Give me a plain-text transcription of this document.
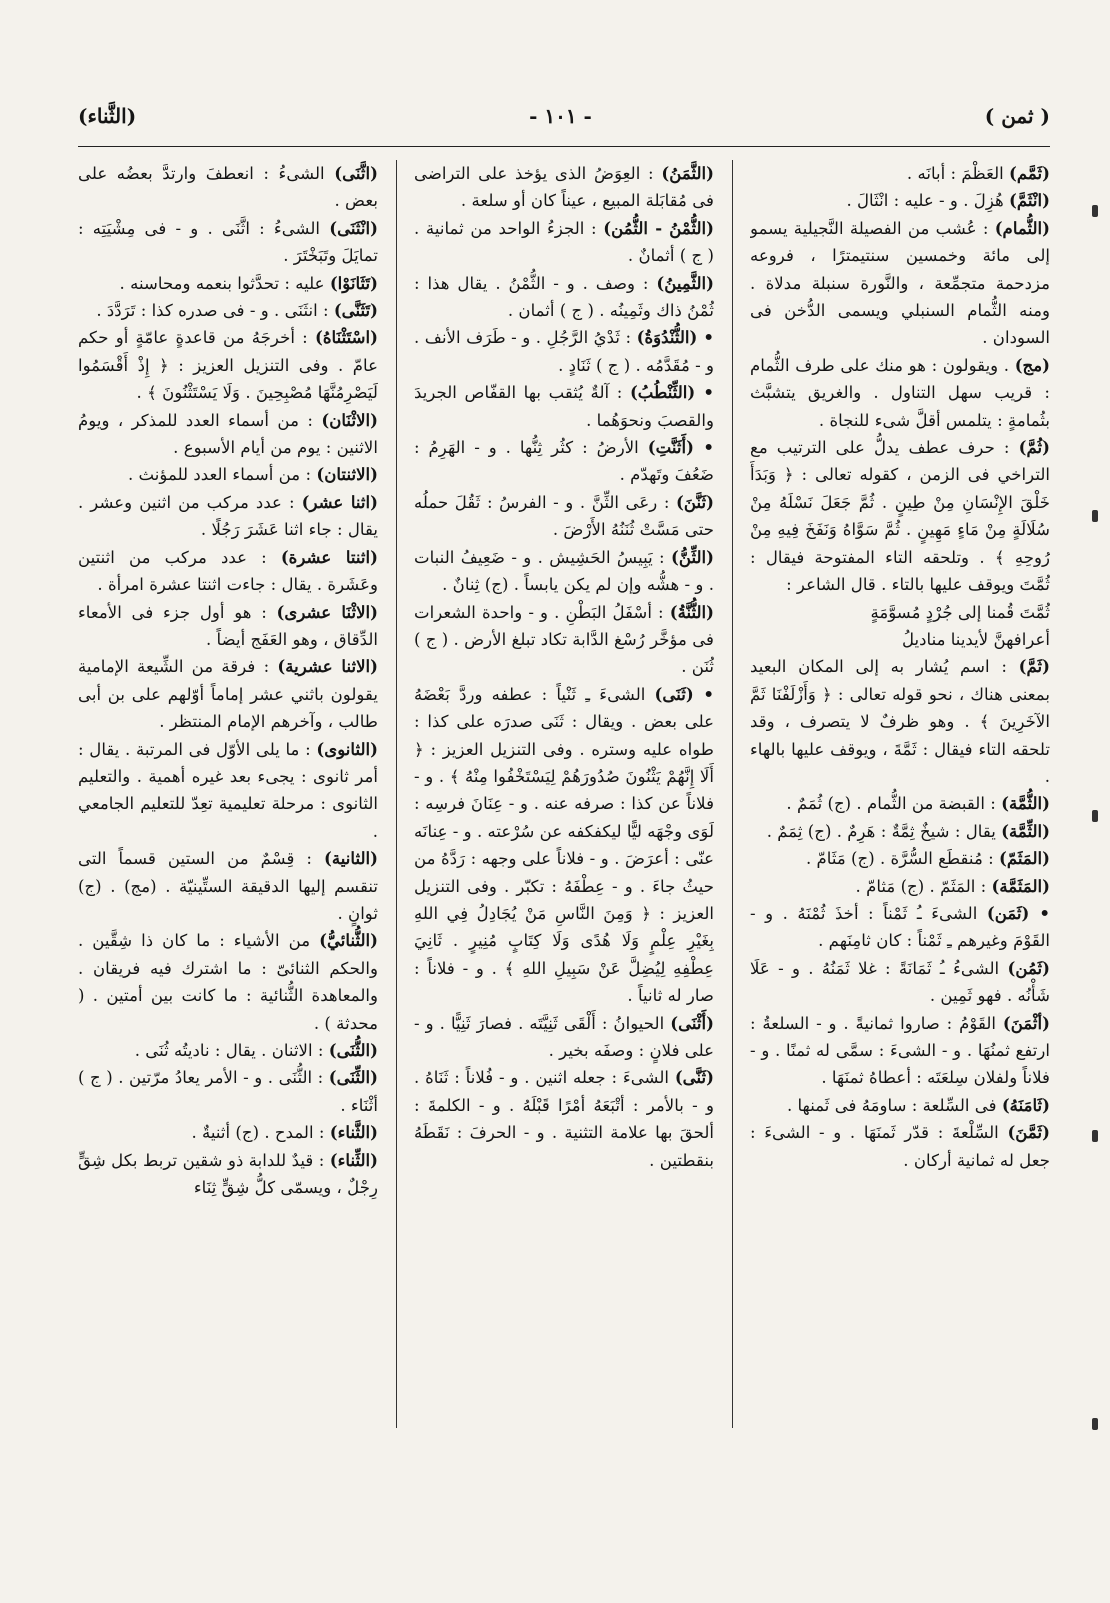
( ثمن )
- ١٠١ -
(الثَّناء)

(ثَمَّم) العَظْمَ : أبانَه .

(انْثَمَّ) هُزِلَ . و - عليه : انْثَالَ .

(الثُّمام) : عُشب من الفصيلة النَّجيلية يسمو إلى مائة وخمسين سنتيمترًا ، فروعه مزدحمة متجمِّعة ، والنَّورة سنبلة مدلاة . ومنه الثُّمام السنبلي ويسمى الدُّخن فى السودان .

(مج) . ويقولون : هو منك على طرف الثُّمام : قريب سهل التناول . والغريق يتشبَّث بثُمامةٍ : يتلمس أقلَّ شىء للنجاة .

(ثُمَّ) : حرف عطف يدلُّ على الترتيب مع التراخي فى الزمن ، كقوله تعالى : ﴿ وَبَدَأَ خَلْقَ الإِنْسَانِ مِنْ طِينٍ . ثُمَّ جَعَلَ نَسْلَهُ مِنْ سُلَالَةٍ مِنْ مَاءٍ مَهِينٍ . ثُمَّ سَوَّاهُ وَنَفَخَ فِيهِ مِنْ رُوحِهِ ﴾ . وتلحقه التاء المفتوحة فيقال : ثُمَّتَ ويوقف عليها بالتاء . قال الشاعر :

ثُمَّتَ قُمنا إلى جُرْدٍ مُسوَّمَةٍ

أعرافهنَّ لأيدينا مناديلُ

(ثَمَّ) : اسم يُشار به إلى المكان البعيد بمعنى هناك ، نحو قوله تعالى : ﴿ وَأَزْلَفْنَا ثَمَّ الآخَرِينَ ﴾ . وهو ظرفٌ لا يتصرف ، وقد تلحقه التاء فيقال : ثَمَّةَ ، ويوقف عليها بالهاء .

(الثُّمَّة) : القبضة من الثُّمام . (ج) ثُمَمٌ .

(الثِّمَّة) يقال : شيخٌ ثِمَّةٌ : هَرِمٌ . (ج) ثِمَمٌ .

(المَثَمّ) : مُنقطَع السُّرَّة . (ج) مَثَامّ .

(المَثَمَّة) : المَثَمّ . (ج) مَثامّ .

• (ثَمَن) الشىءَ ـُ ثَمْناً : أخذَ ثُمْنَهُ . و - القَوْمَ وغيرهم ـِ ثَمْناً : كان ثامِنَهم .

(ثَمُن) الشىءُ ـُ ثَمَانَةً : غلا ثَمَنُهُ . و - عَلَا شَأْنُه . فهو ثَمِين .

(أثْمَنَ) القَوْمُ : صاروا ثمانيةً . و - السلعةُ : ارتفع ثمنُهَا . و - الشىءَ : سمَّى له ثمنًا . و - فلاناً ولفلان سِلعَتَه : أعطاهُ ثمنَهَا .

(ثَامَنَهُ) فى السِّلعة : ساومَهُ فى ثَمنها .

(ثَمَّنَ) السِّلْعةَ : قدّر ثَمنَهَا . و - الشىءَ : جعل له ثمانية أركان .

(الثَّمَنُ) : العِوَضُ الذى يؤخذ على التراضى فى مُقابَلة المبيع ، عيناً كان أو سلعة .

(الثُّمْنُ - الثُّمُن) : الجزءُ الواحد من ثمانية . ( ج ) أثمانٌ .

(الثَّمِينُ) : وصف . و - الثُّمْنُ . يقال هذا : ثُمْنُ ذاك وثَمِينُه . ( ج ) أثمان .

• (الثُّنْدُوَةُ) : ثَدْيُ الرَّجُلِ . و - طَرَف الأنف . و - مُقَدَّمُه . ( ج ) ثَنَادٍ .

• (الثِّنْطُبُ) : آلةٌ يُثقب بها القفّاص الجريدَ والقصبَ ونحوَهُما .

• (أَثَنَّتِ) الأرضُ : كثُر ثِنُّها . و - الهَرِمُ : ضَعُفَ وتَهدّم .

(ثَنَّنَ) : رعَى الثِّنَّ . و - الفرسُ : ثَقُلَ حملُه حتى مَسَّتْ ثُنَنُهُ الأَرْضَ .

(الثِّنُّ) : يَبِيسُ الحَشِيش . و - ضَعِيفُ النبات . و - هشُّه وإن لم يكن يابساً . (ج) ثِنانٌ .

(الثُّنَّةُ) : أسْفَلُ البَطْنِ . و - واحدة الشعرات فى مؤخَّر رُسْغ الدَّابة تكاد تبلغ الأرض . ( ج ) ثُنَن .

• (ثَنَى) الشىءَ ـِ ثَنْياً : عطفه وردَّ بَعْضَهُ على بعض . ويقال : ثَنَى صدرَه على كذا : طواه عليه وستره . وفى التنزيل العزيز : ﴿ أَلَا إِنَّهُمْ يَثْنُونَ صُدُورَهُمْ لِيَسْتَخْفُوا مِنْهُ ﴾ . و - فلاناً عن كذا : صرفه عنه . و - عِنَانَ فرسِه : لَوَى وجْهَه ليًّا ليكفكفه عن سُرْعته . و - عِنانَه عنّى : أعرَضَ . و - فلاناً على وجهه : رَدَّهُ من حيثُ جاءَ . و - عِطْفَهُ : تكبّر . وفى التنزيل العزيز : ﴿ وَمِنَ النَّاسِ مَنْ يُجَادِلُ فِي اللهِ بِغَيْرِ عِلْمٍ وَلَا هُدًى وَلَا كِتَابٍ مُنِيرٍ . ثَانِيَ عِطْفِهِ لِيُضِلَّ عَنْ سَبِيلِ اللهِ ﴾ . و - فلاناً : صار له ثانياً .

(أَثْنَى) الحيوانُ : أَلْقَى ثَنِيَّتَه . فصارَ ثَنِيًّا . و - على فلانٍ : وصفَه بخير .

(ثَنَّى) الشىءَ : جعله اثنين . و - فُلاناً : ثَنَاهُ . و - بالأمر : أتْبَعَهُ أمْرًا قَبْلَهُ . و - الكلمةَ : ألحقَ بها علامة التثنية . و - الحرفَ : نَقَطَهُ بنقطتين .

(اثَّنَى) الشىءُ : انعطفَ وارتدَّ بعضُه على بعض .

(انْثَنَى) الشىءُ : اثَّنَى . و - فى مِشْيَتِه : تمايَلَ وتَبَخْتَرَ .

(تَثَانَوْا) عليه : تحدَّثوا بنعمه ومحاسنه .

(تَثَنَّى) : انثَنَى . و - فى صدره كذا : تَرَدَّدَ .

(اسْتَثْنَاهُ) : أخرجَهُ من قاعدةٍ عامّةٍ أو حكم عامّ . وفى التنزيل العزيز : ﴿ إِذْ أَقْسَمُوا لَيَصْرِمُنَّهَا مُصْبِحِينَ . وَلَا يَسْتَثْنُونَ ﴾ .

(الاثْنَان) : من أسماء العدد للمذكر ، ويومُ الاثنين : يوم من أيام الأسبوع .

(الاثنتان) : من أسماء العدد للمؤنث .

(اثنا عشر) : عدد مركب من اثنين وعشر . يقال : جاء اثنا عَشَرَ رَجُلًا .

(اثنتا عشرة) : عدد مركب من اثنتين وعَشَرة . يقال : جاءت اثنتا عشرة امرأة .

(الاثْنَا عشرى) : هو أول جزء فى الأمعاء الدِّقاق ، وهو العَفَج أيضاً .

(الاثنا عشرية) : فرقة من الشِّيعة الإمامية يقولون باثني عشر إماماً أوّلهم على بن أبى طالب ، وآخرهم الإمام المنتظر .

(الثانوى) : ما يلى الأوّل فى المرتبة . يقال : أمر ثانوى : يجىء بعد غيره أهمية . والتعليم الثانوى : مرحلة تعليمية تعِدّ للتعليم الجامعي .

(الثانية) : قِسْمٌ من الستين قسماً التى تنقسم إليها الدقيقة الستِّينيّة . (مج) . (ج) ثوانٍ .

(الثُّنائيُّ) من الأشياء : ما كان ذا شِقَّين . والحكم الثنائىّ : ما اشترك فيه فريقان . والمعاهدة الثُّنائية : ما كانت بين أمتين . ( محدثة ) .

(الثُّنَى) : الاثنان . يقال : ناديتُه ثُنَى .

(الثِّنَى) : الثُّنَى . و - الأمر يعادُ مرّتين . ( ج ) أثْنَاء .

(الثَّناء) : المدح . (ج) أثنيةٌ .

(الثِّناء) : قيدٌ للدابة ذو شقين تربط بكل شِقٍّ رِجْلٌ ، ويسمّى كلُّ شِقٍّ ثِنَاء
